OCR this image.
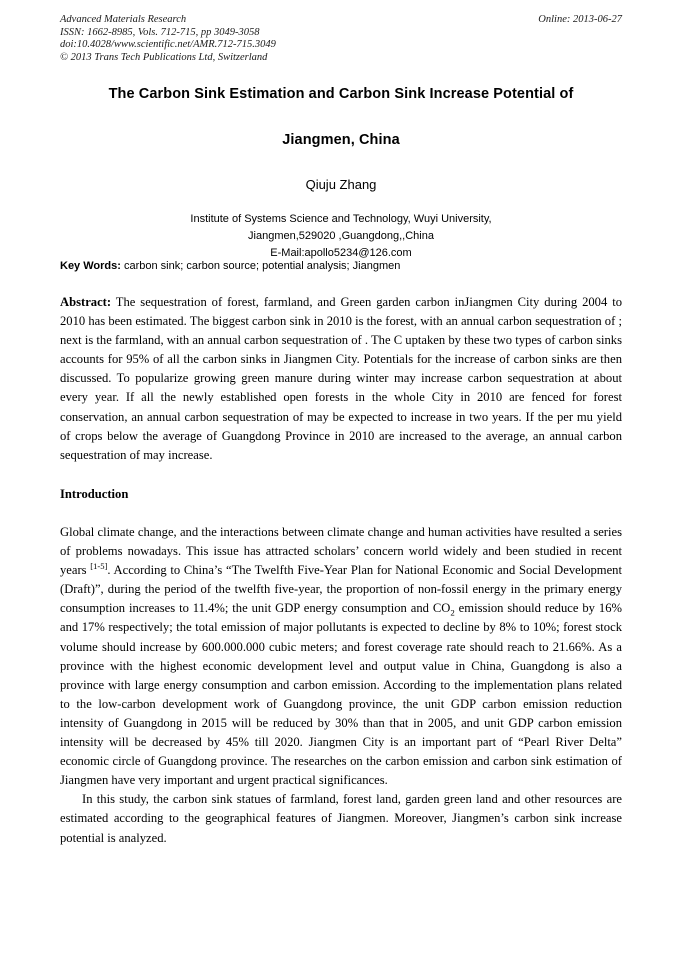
Advanced Materials Research	Online: 2013-06-27
ISSN: 1662-8985, Vols. 712-715, pp 3049-3058
doi:10.4028/www.scientific.net/AMR.712-715.3049
© 2013 Trans Tech Publications Ltd, Switzerland
The Carbon Sink Estimation and Carbon Sink Increase Potential of
Jiangmen, China
Qiuju Zhang
Institute of Systems Science and Technology, Wuyi University,
Jiangmen,529020 ,Guangdong,,China
E-Mail:apollo5234@126.com
Key Words: carbon sink; carbon source; potential analysis; Jiangmen
Abstract: The sequestration of forest, farmland, and Green garden carbon inJiangmen City during 2004 to 2010 has been estimated. The biggest carbon sink in 2010 is the forest, with an annual carbon sequestration of ; next is the farmland, with an annual carbon sequestration of . The C uptaken by these two types of carbon sinks accounts for 95% of all the carbon sinks in Jiangmen City. Potentials for the increase of carbon sinks are then discussed. To popularize growing green manure during winter may increase carbon sequestration at about every year. If all the newly established open forests in the whole City in 2010 are fenced for forest conservation, an annual carbon sequestration of may be expected to increase in two years. If the per mu yield of crops below the average of Guangdong Province in 2010 are increased to the average, an annual carbon sequestration of may increase.
Introduction

Global climate change, and the interactions between climate change and human activities have resulted a series of problems nowadays. This issue has attracted scholars’ concern world widely and been studied in recent years [1-5]. According to China’s “The Twelfth Five-Year Plan for National Economic and Social Development (Draft)”, during the period of the twelfth five-year, the proportion of non-fossil energy in the primary energy consumption increases to 11.4%; the unit GDP energy consumption and $CO_2$ emission should reduce by 16% and 17% respectively; the total emission of major pollutants is expected to decline by 8% to 10%; forest stock volume should increase by 600.000.000 cubic meters; and forest coverage rate should reach to 21.66%. As a province with the highest economic development level and output value in China, Guangdong is also a province with large energy consumption and carbon emission. According to the implementation plans related to the low-carbon development work of Guangdong province, the unit GDP carbon emission reduction intensity of Guangdong in 2015 will be reduced by 30% than that in 2005, and unit GDP carbon emission intensity will be decreased by 45% till 2020. Jiangmen City is an important part of “Pearl River Delta” economic circle of Guangdong province. The researches on the carbon emission and carbon sink estimation of Jiangmen have very important and urgent practical significances.

In this study, the carbon sink statues of farmland, forest land, garden green land and other resources are estimated according to the geographical features of Jiangmen. Moreover, Jiangmen’s carbon sink increase potential is analyzed.
